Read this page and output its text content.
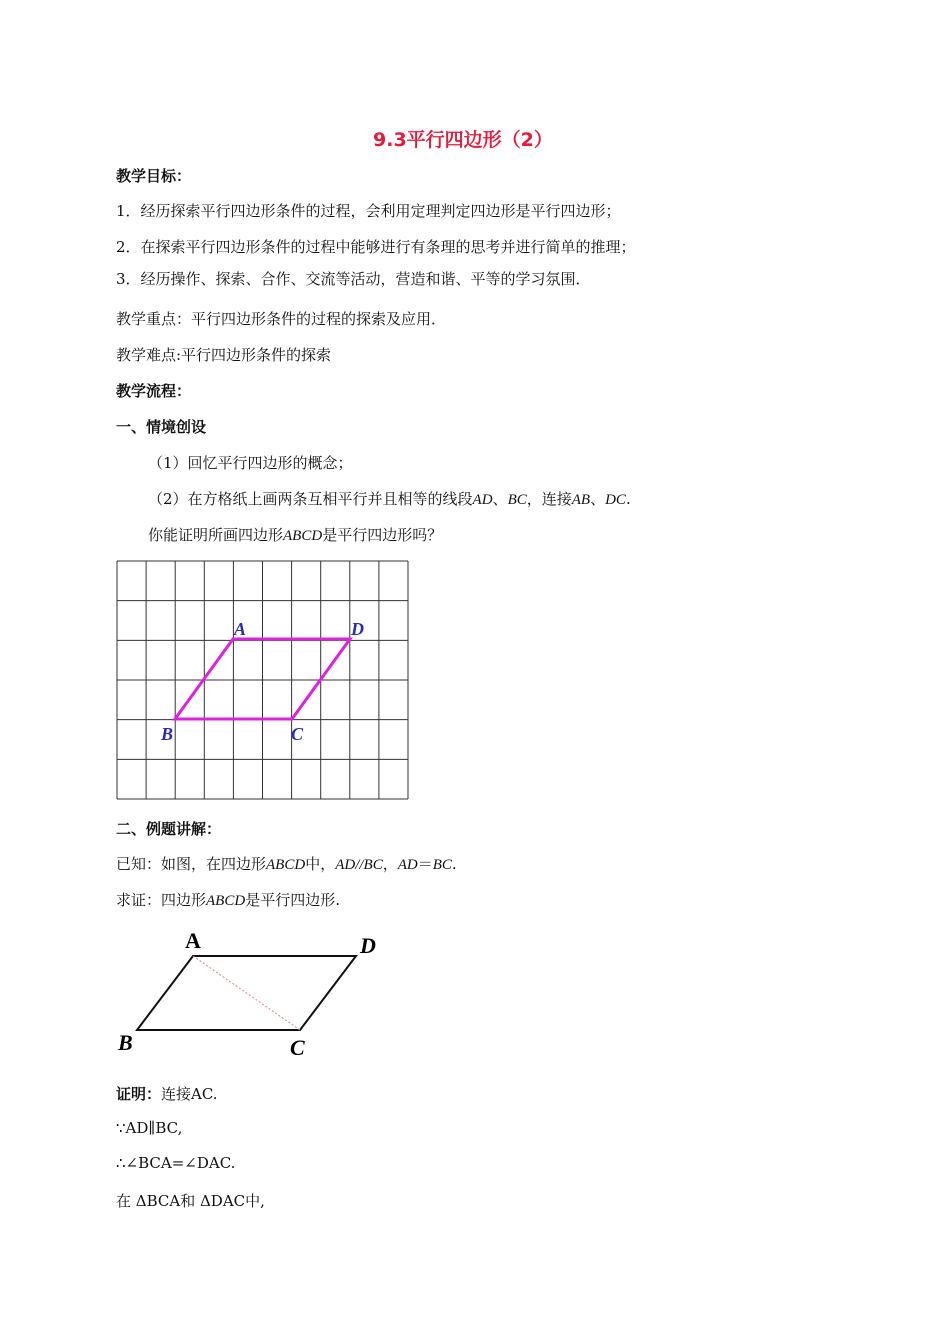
9.3平行四边形（2）
教学目标：
1．经历探索平行四边形条件的过程，会利用定理判定四边形是平行四边形；
2．在探索平行四边形条件的过程中能够进行有条理的思考并进行简单的推理；
3．经历操作、探索、合作、交流等活动，营造和谐、平等的学习氛围．
教学重点：平行四边形条件的过程的探索及应用．
教学难点:平行四边形条件的探索
教学流程：
一、情境创设
（1）回忆平行四边形的概念；
（2）在方格纸上画两条互相平行并且相等的线段AD、BC，连接AB、DC.
你能证明所画四边形ABCD是平行四边形吗？
A	D
B	C
A	D
B	C
二、例题讲解：
已知：如图，在四边形ABCD中，AD//BC，AD＝BC.
求证：四边形ABCD是平行四边形.
证明：连接AC.
∵AD∥BC,
∴∠BCA=∠DAC.
在 ΔBCA和 ΔDAC中,
